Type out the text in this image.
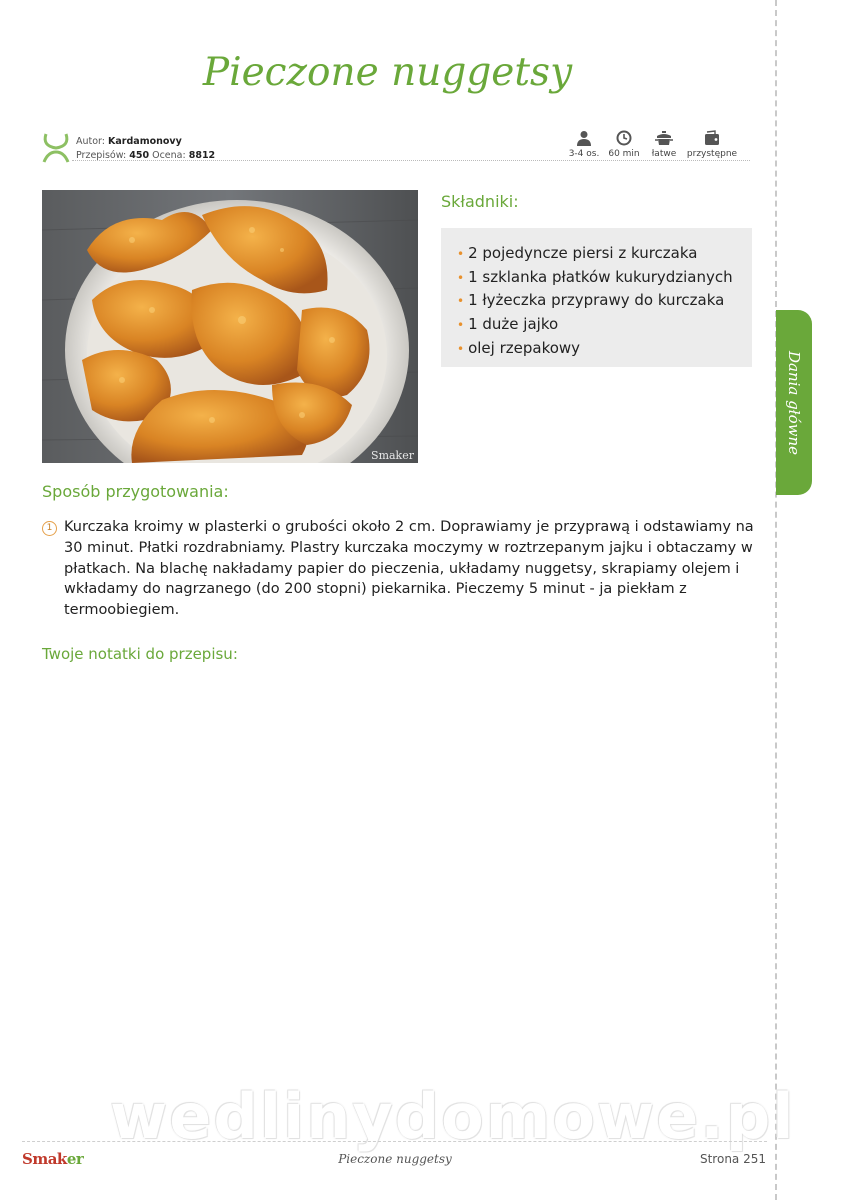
Dania główne
Pieczone nuggetsy
Autor: Kardamonovy
Przepisów: 450 Ocena: 8812	3-4 os.	60 min	łatwe	przystępne
Smaker
Składniki:
• 2 pojedyncze piersi z kurczaka
• 1 szklanka płatków kukurydzianych
• 1 łyżeczka przyprawy do kurczaka
• 1 duże jajko
• olej rzepakowy
Sposób przygotowania:
1 Kurczaka kroimy w plasterki o grubości około 2 cm. Doprawiamy je przyprawą i odstawiamy na 30 minut. Płatki rozdrabniamy. Plastry kurczaka moczymy w roztrzepanym jajku i obtaczamy w płatkach. Na blachę nakładamy papier do pieczenia, układamy nuggetsy, skrapiamy olejem i wkładamy do nagrzanego (do 200 stopni) piekarnika. Pieczemy 5 minut - ja piekłam z termoobiegiem.

Twoje notatki do przepisu:
wedlinydomowe.pl
Smaker	Pieczone nuggetsy	Strona 251
